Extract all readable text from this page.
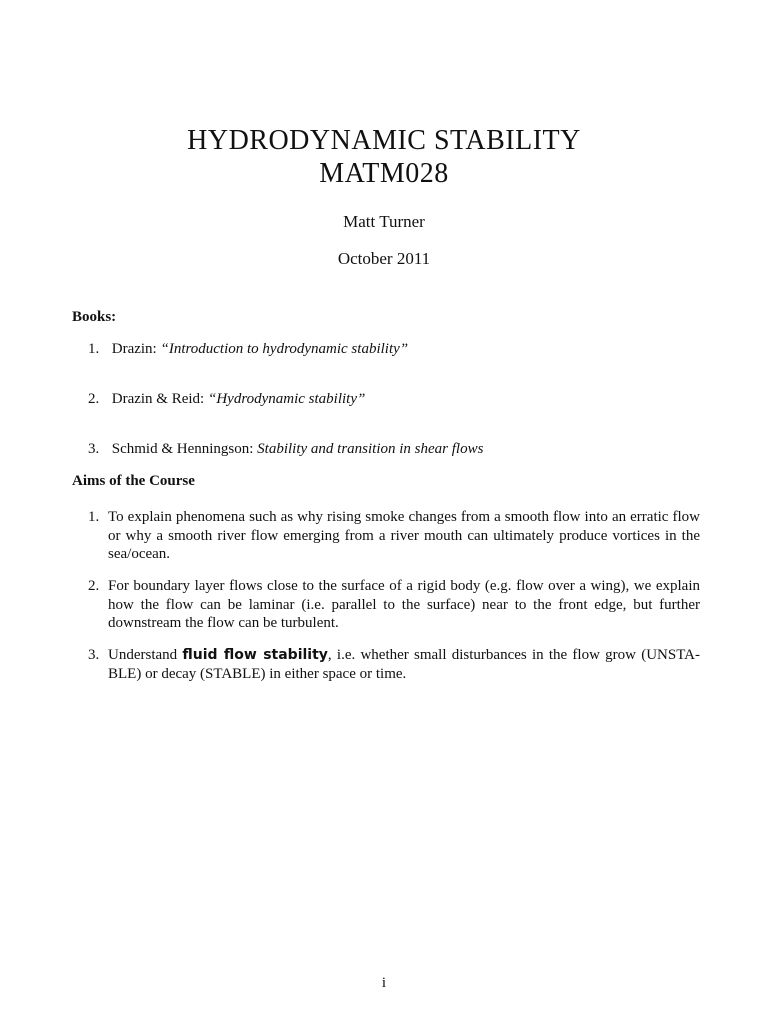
HYDRODYNAMIC STABILITY

MATM028

Matt Turner
October 2011
Books:
1. Drazin: “Introduction to hydrodynamic stability”
2. Drazin & Reid: “Hydrodynamic stability”
3. Schmid & Henningson: Stability and transition in shear flows
Aims of the Course
1. To explain phenomena such as why rising smoke changes from a smooth flow into an erratic flow or why a smooth river flow emerging from a river mouth can ultimately produce vortices in the sea/ocean.
2. For boundary layer flows close to the surface of a rigid body (e.g. flow over a wing), we explain how the flow can be laminar (i.e. parallel to the surface) near to the front edge, but further downstream the flow can be turbulent.
3. Understand fluid flow stability, i.e. whether small disturbances in the flow grow (UNSTA- BLE) or decay (STABLE) in either space or time.
i
